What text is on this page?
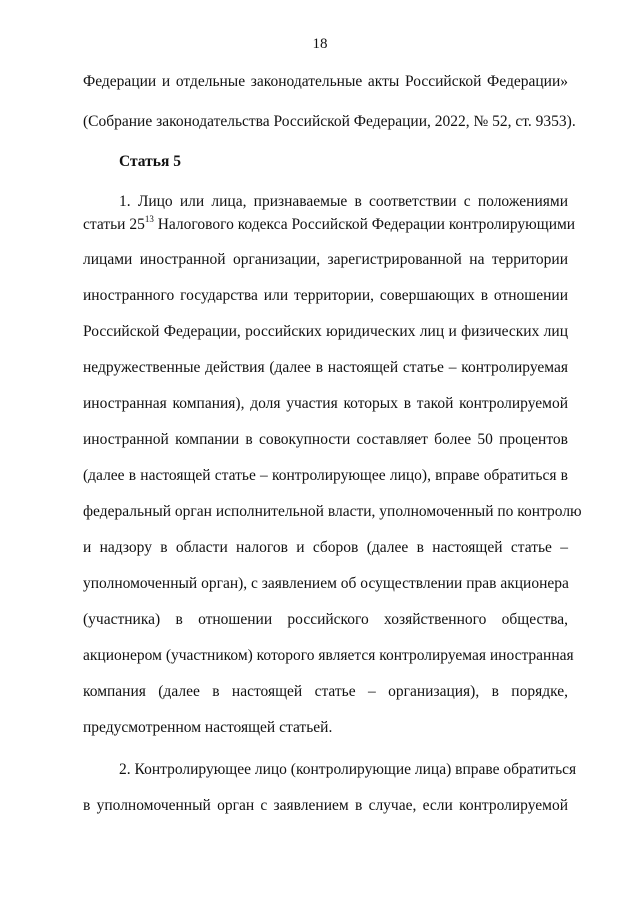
18
Федерации и отдельные законодательные акты Российской Федерации»
(Собрание законодательства Российской Федерации, 2022, № 52, ст. 9353).
Статья 5
1. Лицо или лица, признаваемые в соответствии с положениями
статьи $25^{13}$ Налогового кодекса Российской Федерации контролирующими
лицами иностранной организации, зарегистрированной на территории
иностранного государства или территории, совершающих в отношении
Российской Федерации, российских юридических лиц и физических лиц
недружественные действия (далее в настоящей статье – контролируемая
иностранная компания), доля участия которых в такой контролируемой
иностранной компании в совокупности составляет более 50 процентов
(далее в настоящей статье – контролирующее лицо), вправе обратиться в
федеральный орган исполнительной власти, уполномоченный по контролю
и надзору в области налогов и сборов (далее в настоящей статье –
уполномоченный орган), с заявлением об осуществлении прав акционера
(участника) в отношении российского хозяйственного общества,
акционером (участником) которого является контролируемая иностранная
компания (далее в настоящей статье – организация), в порядке,
предусмотренном настоящей статьей.
2. Контролирующее лицо (контролирующие лица) вправе обратиться
в уполномоченный орган с заявлением в случае, если контролируемой
